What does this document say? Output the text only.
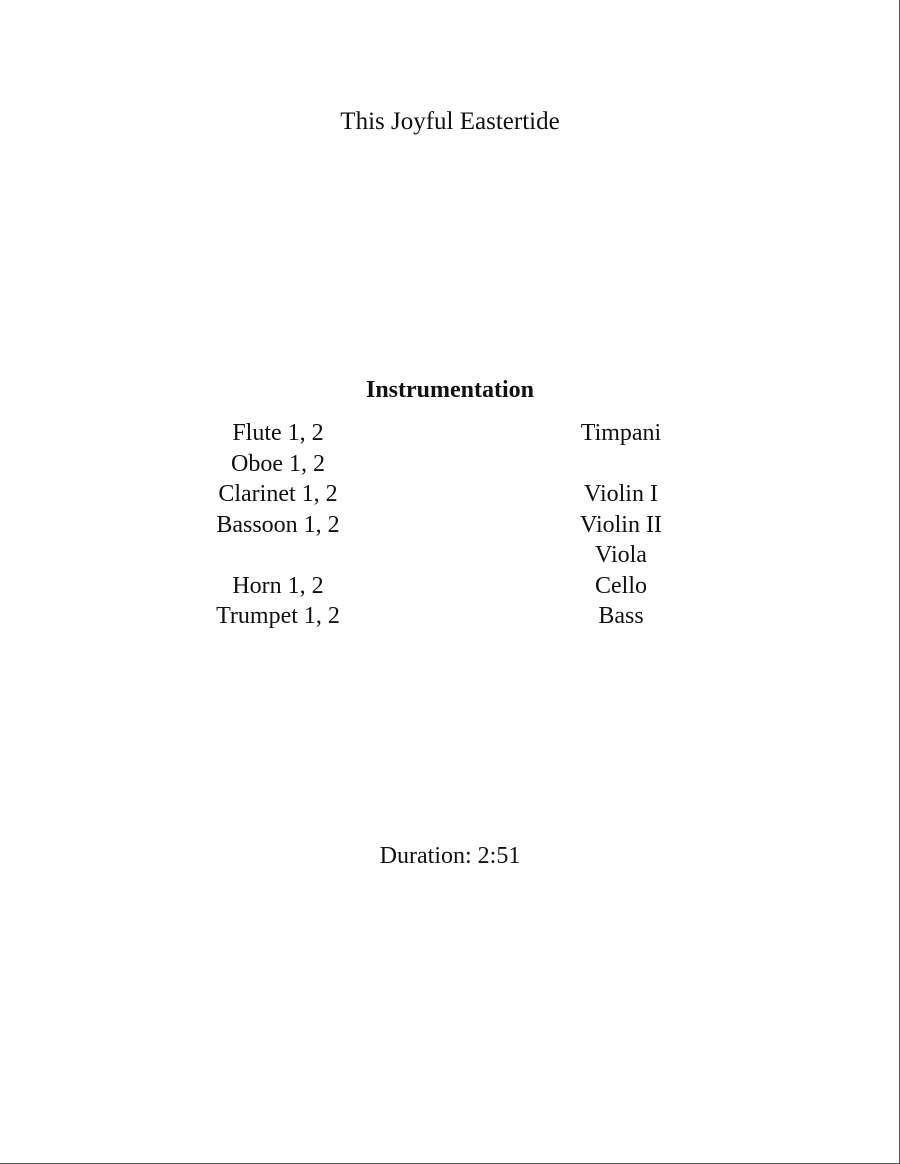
This Joyful Eastertide
Instrumentation
Flute 1, 2
Oboe 1, 2
Clarinet 1, 2
Bassoon 1, 2
Horn 1, 2
Trumpet 1, 2
Timpani
Violin I
Violin II
Viola
Cello
Bass
Duration: 2:51
